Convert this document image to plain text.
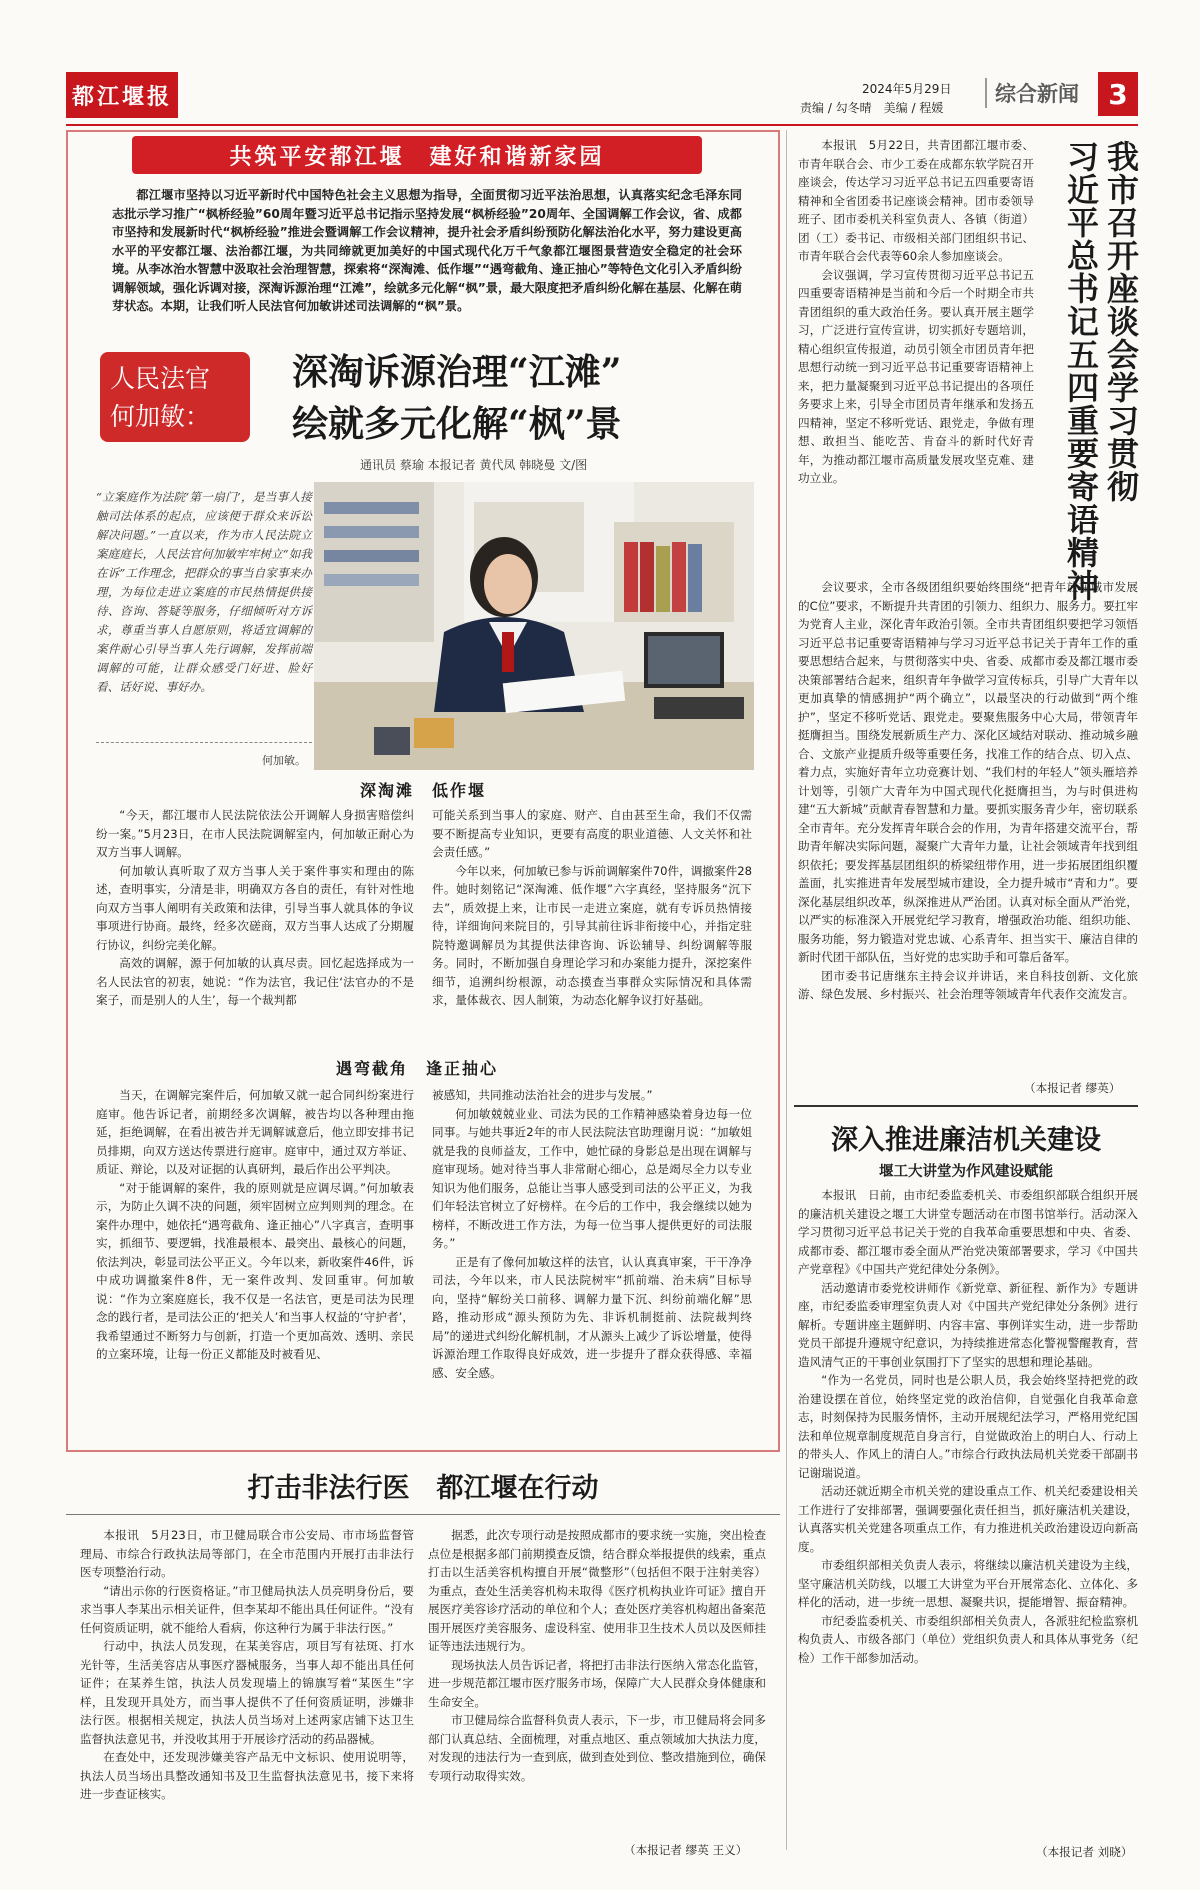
都江堰报	2024年5月29日
责编 / 勾冬晴　美编 / 程媛
综合新闻	3
共筑平安都江堰　建好和谐新家园

都江堰市坚持以习近平新时代中国特色社会主义思想为指导，全面贯彻习近平法治思想，认真落实纪念毛泽东同志批示学习推广“枫桥经验”60周年暨习近平总书记指示坚持发展“枫桥经验”20周年、全国调解工作会议，省、成都市坚持和发展新时代“枫桥经验”推进会暨调解工作会议精神，提升社会矛盾纠纷预防化解法治化水平，努力建设更高水平的平安都江堰、法治都江堰，为共同缔就更加美好的中国式现代化万千气象都江堰图景营造安全稳定的社会环境。从李冰治水智慧中汲取社会治理智慧，探索将“深淘滩、低作堰”“遇弯截角、逢正抽心”等特色文化引入矛盾纠纷调解领域，强化诉调对接，深淘诉源治理“江滩”，绘就多元化解“枫”景，最大限度把矛盾纠纷化解在基层、化解在萌芽状态。本期，让我们听人民法官何加敏讲述司法调解的“枫”景。

人民法官
何加敏：
深淘诉源治理“江滩”
绘就多元化解“枫”景
通讯员 蔡瑜 本报记者 黄代凤 韩晓曼 文/图

“立案庭作为法院‘第一扇门’，是当事人接触司法体系的起点，应该便于群众来诉讼解决问题。”一直以来，作为市人民法院立案庭庭长，人民法官何加敏牢牢树立“如我在诉”工作理念，把群众的事当自家事来办理，为每位走进立案庭的市民热情提供接待、咨询、答疑等服务，仔细倾听对方诉求，尊重当事人自愿原则，将适宜调解的案件耐心引导当事人先行调解，发挥前端调解的可能，让群众感受门好进、脸好看、话好说、事好办。

何加敏。
深淘滩　低作堰

“今天，都江堰市人民法院依法公开调解人身损害赔偿纠纷一案。”5月23日，在市人民法院调解室内，何加敏正耐心为双方当事人调解。

何加敏认真听取了双方当事人关于案件事实和理由的陈述，查明事实，分清是非，明确双方各自的责任，有针对性地向双方当事人阐明有关政策和法律，引导当事人就具体的争议事项进行协商。最终，经多次磋商，双方当事人达成了分期履行协议，纠纷完美化解。

高效的调解，源于何加敏的认真尽责。回忆起选择成为一名人民法官的初衷，她说：“作为法官，我记住‘法官办的不是案子，而是别人的人生’，每一个裁判都

可能关系到当事人的家庭、财产、自由甚至生命，我们不仅需要不断提高专业知识，更要有高度的职业道德、人文关怀和社会责任感。”

今年以来，何加敏已参与诉前调解案件70件，调撤案件28件。她时刻铭记“深淘滩、低作堰”六字真经，坚持服务“沉下去”，质效提上来，让市民一走进立案庭，就有专诉员热情接待，详细询问来院目的，引导其前往诉非衔接中心，并指定驻院特邀调解员为其提供法律咨询、诉讼辅导、纠纷调解等服务。同时，不断加强自身理论学习和办案能力提升，深挖案件细节，追溯纠纷根源，动态摸查当事群众实际情况和具体需求，量体裁衣、因人制策，为动态化解争议打好基础。

遇弯截角　逢正抽心

当天，在调解完案件后，何加敏又就一起合同纠纷案进行庭审。他告诉记者，前期经多次调解，被告均以各种理由拖延，拒绝调解，在看出被告并无调解诚意后，他立即安排书记员排期，向双方送达传票进行庭审。庭审中，通过双方举证、质证、辩论，以及对证据的认真研判，最后作出公平判决。

“对于能调解的案件，我的原则就是应调尽调。”何加敏表示，为防止久调不决的问题，须牢固树立应判则判的理念。在案件办理中，她依托“遇弯截角、逢正抽心”八字真言，查明事实，抓细节、要逻辑，找准最根本、最突出、最核心的问题，依法判决，彰显司法公平正义。今年以来，新收案件46件，诉中成功调撤案件8件，无一案件改判、发回重审。何加敏说：“作为立案庭庭长，我不仅是一名法官，更是司法为民理念的践行者，是司法公正的‘把关人’和当事人权益的‘守护者’，我希望通过不断努力与创新，打造一个更加高效、透明、亲民的立案环境，让每一份正义都能及时被看见、

被感知，共同推动法治社会的进步与发展。”

何加敏兢兢业业、司法为民的工作精神感染着身边每一位同事。与她共事近2年的市人民法院法官助理谢月说：“加敏姐就是我的良师益友，工作中，她忙碌的身影总是出现在调解与庭审现场。她对待当事人非常耐心细心，总是竭尽全力以专业知识为他们服务，总能让当事人感受到司法的公平正义，为我们年轻法官树立了好榜样。在今后的工作中，我会继续以她为榜样，不断改进工作方法，为每一位当事人提供更好的司法服务。”

正是有了像何加敏这样的法官，认认真真审案，干干净净司法，今年以来，市人民法院树牢“抓前端、治未病”目标导向，坚持“解纷关口前移、调解力量下沉、纠纷前端化解”思路，推动形成“源头预防为先、非诉机制挺前、法院裁判终局”的递进式纠纷化解机制，才从源头上减少了诉讼增量，使得诉源治理工作取得良好成效，进一步提升了群众获得感、幸福感、安全感。

我市召开座谈会学习贯彻
习近平总书记五四重要寄语精神

本报讯　5月22日，共青团都江堰市委、市青年联合会、市少工委在成都东软学院召开座谈会，传达学习习近平总书记五四重要寄语精神和全省团委书记座谈会精神。团市委领导班子、团市委机关科室负责人、各镇（街道）团（工）委书记、市级相关部门团组织书记、市青年联合会代表等60余人参加座谈会。

会议强调，学习宣传贯彻习近平总书记五四重要寄语精神是当前和今后一个时期全市共青团组织的重大政治任务。要认真开展主题学习，广泛进行宣传宣讲，切实抓好专题培训，精心组织宣传报道，动员引领全市团员青年把思想行动统一到习近平总书记重要寄语精神上来，把力量凝聚到习近平总书记提出的各项任务要求上来，引导全市团员青年继承和发扬五四精神，坚定不移听党话、跟党走，争做有理想、敢担当、能吃苦、肯奋斗的新时代好青年，为推动都江堰市高质量发展攻坚克难、建功立业。

会议要求，全市各级团组织要始终围绕“把青年放在城市发展的C位”要求，不断提升共青团的引领力、组织力、服务力。要扛牢为党育人主业，深化青年政治引领。全市共青团组织要把学习领悟习近平总书记重要寄语精神与学习习近平总书记关于青年工作的重要思想结合起来，与贯彻落实中央、省委、成都市委及都江堰市委决策部署结合起来，组织青年争做学习宣传标兵，引导广大青年以更加真挚的情感拥护“两个确立”，以最坚决的行动做到“两个维护”，坚定不移听党话、跟党走。要聚焦服务中心大局，带领青年挺膺担当。围绕发展新质生产力、深化区域结对联动、推动城乡融合、文旅产业提质升级等重要任务，找准工作的结合点、切入点、着力点，实施好青年立功竞赛计划、“我们村的年轻人”领头雁培养计划等，引领广大青年为中国式现代化挺膺担当，为与时俱进构建“五大新城”贡献青春智慧和力量。要抓实服务青少年，密切联系全市青年。充分发挥青年联合会的作用，为青年搭建交流平台，帮助青年解决实际问题，凝聚广大青年力量，让社会领域青年找到组织依托；要发挥基层团组织的桥梁纽带作用，进一步拓展团组织覆盖面，扎实推进青年发展型城市建设，全力提升城市“青和力”。要深化基层组织改革，纵深推进从严治团。认真对标全面从严治党，以严实的标准深入开展党纪学习教育，增强政治功能、组织功能、服务功能，努力锻造对党忠诚、心系青年、担当实干、廉洁自律的新时代团干部队伍，当好党的忠实助手和可靠后备军。

团市委书记唐继东主持会议并讲话，来自科技创新、文化旅游、绿色发展、乡村振兴、社会治理等领域青年代表作交流发言。

（本报记者 缪英）
深入推进廉洁机关建设
堰工大讲堂为作风建设赋能

本报讯　日前，由市纪委监委机关、市委组织部联合组织开展的廉洁机关建设之堰工大讲堂专题活动在市图书馆举行。活动深入学习贯彻习近平总书记关于党的自我革命重要思想和中央、省委、成都市委、都江堰市委全面从严治党决策部署要求，学习《中国共产党章程》《中国共产党纪律处分条例》。

活动邀请市委党校讲师作《新党章、新征程、新作为》专题讲座，市纪委监委审理室负责人对《中国共产党纪律处分条例》进行解析。专题讲座主题鲜明、内容丰富、事例详实生动，进一步帮助党员干部提升遵规守纪意识，为持续推进常态化警视警醒教育，营造风清气正的干事创业氛围打下了坚实的思想和理论基础。

“作为一名党员，同时也是公职人员，我会始终坚持把党的政治建设摆在首位，始终坚定党的政治信仰，自觉强化自我革命意志，时刻保持为民服务情怀，主动开展规纪法学习，严格用党纪国法和单位规章制度规范自身言行，自觉做政治上的明白人、行动上的带头人、作风上的清白人。”市综合行政执法局机关党委干部副书记谢瑞说道。

活动还就近期全市机关党的建设重点工作、机关纪委建设相关工作进行了安排部署，强调要强化责任担当，抓好廉洁机关建设，认真落实机关党建各项重点工作，有力推进机关政治建设迈向新高度。

市委组织部相关负责人表示，将继续以廉洁机关建设为主线，坚守廉洁机关防线，以堰工大讲堂为平台开展常态化、立体化、多样化的活动，进一步统一思想、凝聚共识，提能增智、振奋精神。

市纪委监委机关、市委组织部相关负责人，各派驻纪检监察机构负责人、市级各部门（单位）党组织负责人和具体从事党务（纪检）工作干部参加活动。

（本报记者 刘晓）
打击非法行医　都江堰在行动

本报讯　5月23日，市卫健局联合市公安局、市市场监督管理局、市综合行政执法局等部门，在全市范围内开展打击非法行医专项整治行动。

“请出示你的行医资格证。”市卫健局执法人员亮明身份后，要求当事人李某出示相关证件，但李某却不能出具任何证件。“没有任何资质证明，就不能给人看病，你这种行为属于非法行医。”

行动中，执法人员发现，在某美容店，项目写有祛斑、打水光针等，生活美容店从事医疗器械服务，当事人却不能出具任何证件；在某养生馆，执法人员发现墙上的锦旗写着“某医生”字样，且发现开具处方，而当事人提供不了任何资质证明，涉嫌非法行医。根据相关规定，执法人员当场对上述两家店铺下达卫生监督执法意见书，并没收其用于开展诊疗活动的药品器械。

在查处中，还发现涉嫌美容产品无中文标识、使用说明等，执法人员当场出具整改通知书及卫生监督执法意见书，接下来将进一步查证核实。

据悉，此次专项行动是按照成都市的要求统一实施，突出检查点位是根据多部门前期摸查反馈，结合群众举报提供的线索，重点打击以生活美容机构擅自开展“微整形”（包括但不限于注射美容）为重点，查处生活美容机构未取得《医疗机构执业许可证》擅自开展医疗美容诊疗活动的单位和个人；查处医疗美容机构超出备案范围开展医疗美容服务、虚设科室、使用非卫生技术人员以及医师挂证等违法违规行为。

现场执法人员告诉记者，将把打击非法行医纳入常态化监管，进一步规范都江堰市医疗服务市场，保障广大人民群众身体健康和生命安全。

市卫健局综合监督科负责人表示，下一步，市卫健局将会同多部门认真总结、全面梳理，对重点地区、重点领域加大执法力度，对发现的违法行为一查到底，做到查处到位、整改措施到位，确保专项行动取得实效。

（本报记者 缪英 王义）
